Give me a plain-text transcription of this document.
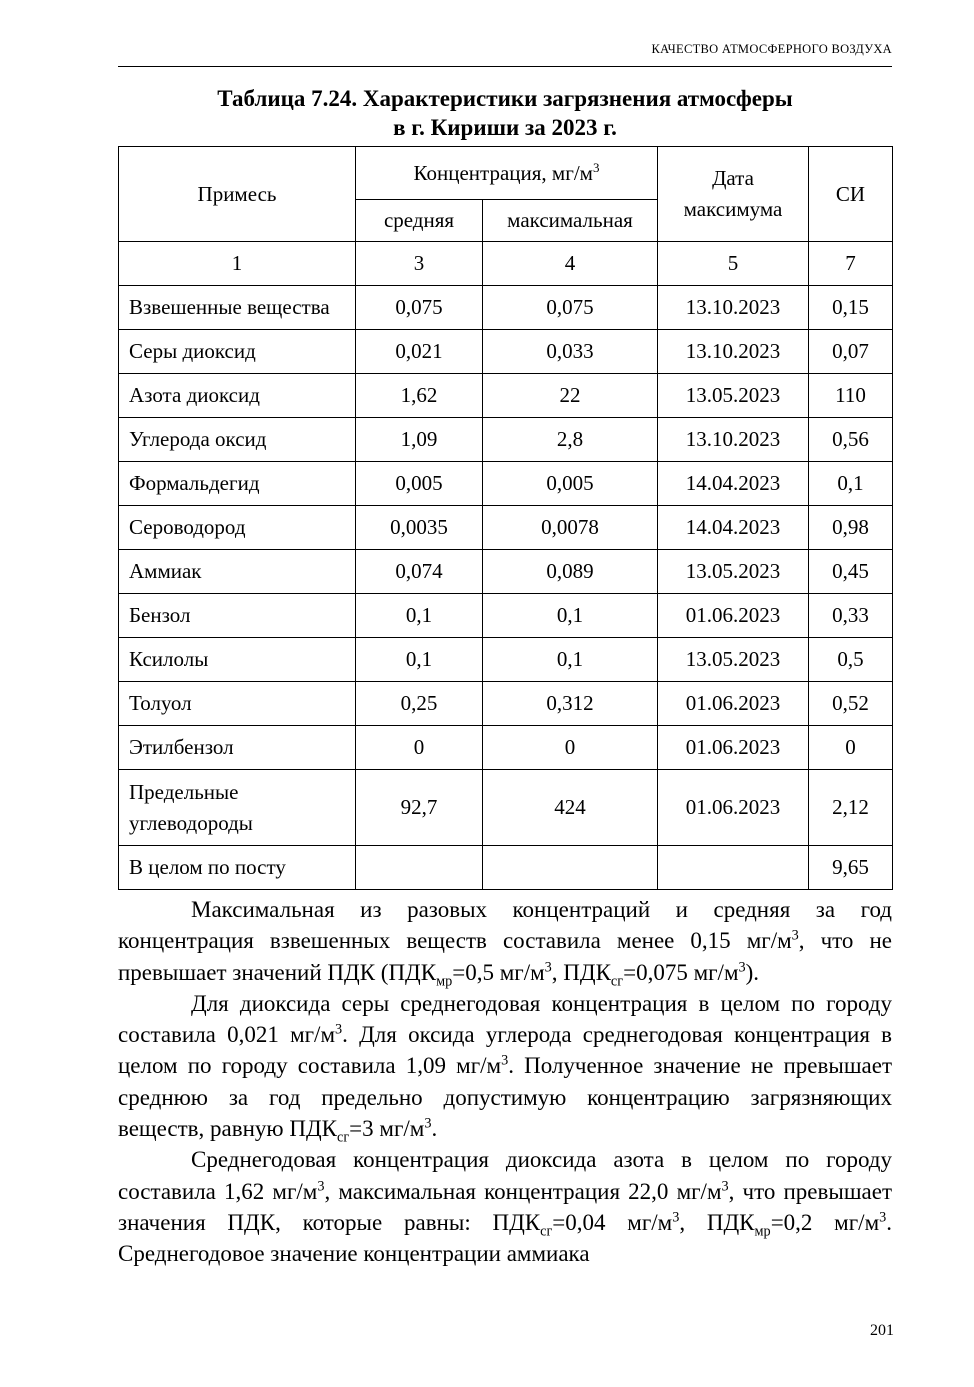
КАЧЕСТВО АТМОСФЕРНОГО ВОЗДУХА
Таблица 7.24. Характеристики загрязнения атмосферы
в г. Кириши за 2023 г.
Примесь	Концентрация, $мг/м^3$		Дата максимума	СИ
	средняя	максимальная		
1	3	4	5	7
Взвешенные вещества	0,075	0,075	13.10.2023	0,15
Серы диоксид	0,021	0,033	13.10.2023	0,07
Азота диоксид	1,62	22	13.05.2023	110
Углерода оксид	1,09	2,8	13.10.2023	0,56
Формальдегид	0,005	0,005	14.04.2023	0,1
Сероводород	0,0035	0,0078	14.04.2023	0,98
Аммиак	0,074	0,089	13.05.2023	0,45
Бензол	0,1	0,1	01.06.2023	0,33
Ксилолы	0,1	0,1	13.05.2023	0,5
Толуол	0,25	0,312	01.06.2023	0,52
Этилбензол	0	0	01.06.2023	0
Предельные
углеводороды	92,7	424	01.06.2023	2,12
В целом по посту				9,65

Максимальная из разовых концентраций и средняя за год концентрация взвешенных веществ составила менее 0,15 $мг/м^3$, что не превышает значений ПДК ($ПДК_{мр}=0,5$ $мг/м^3$, $ПДК_{сг}=0,075$ $мг/м^3$).

Для диоксида серы среднегодовая концентрация в целом по городу составила 0,021 $мг/м^3$. Для оксида углерода среднегодовая концентрация в целом по городу составила 1,09 $мг/м^3$. Полученное значение не превышает среднюю за год предельно допустимую концентрацию загрязняющих веществ, равную $ПДК_{сг}=3$ $мг/м^3$.

Среднегодовая концентрация диоксида азота в целом по городу составила 1,62 $мг/м^3$, максимальная концентрация 22,0 $мг/м^3$, что превышает значения ПДК, которые равны: $ПДК_{сг}=0,04$ $мг/м^3$, $ПДК_{мр}=0,2$ $мг/м^3$. Среднегодовое значение концентрации аммиака

201
